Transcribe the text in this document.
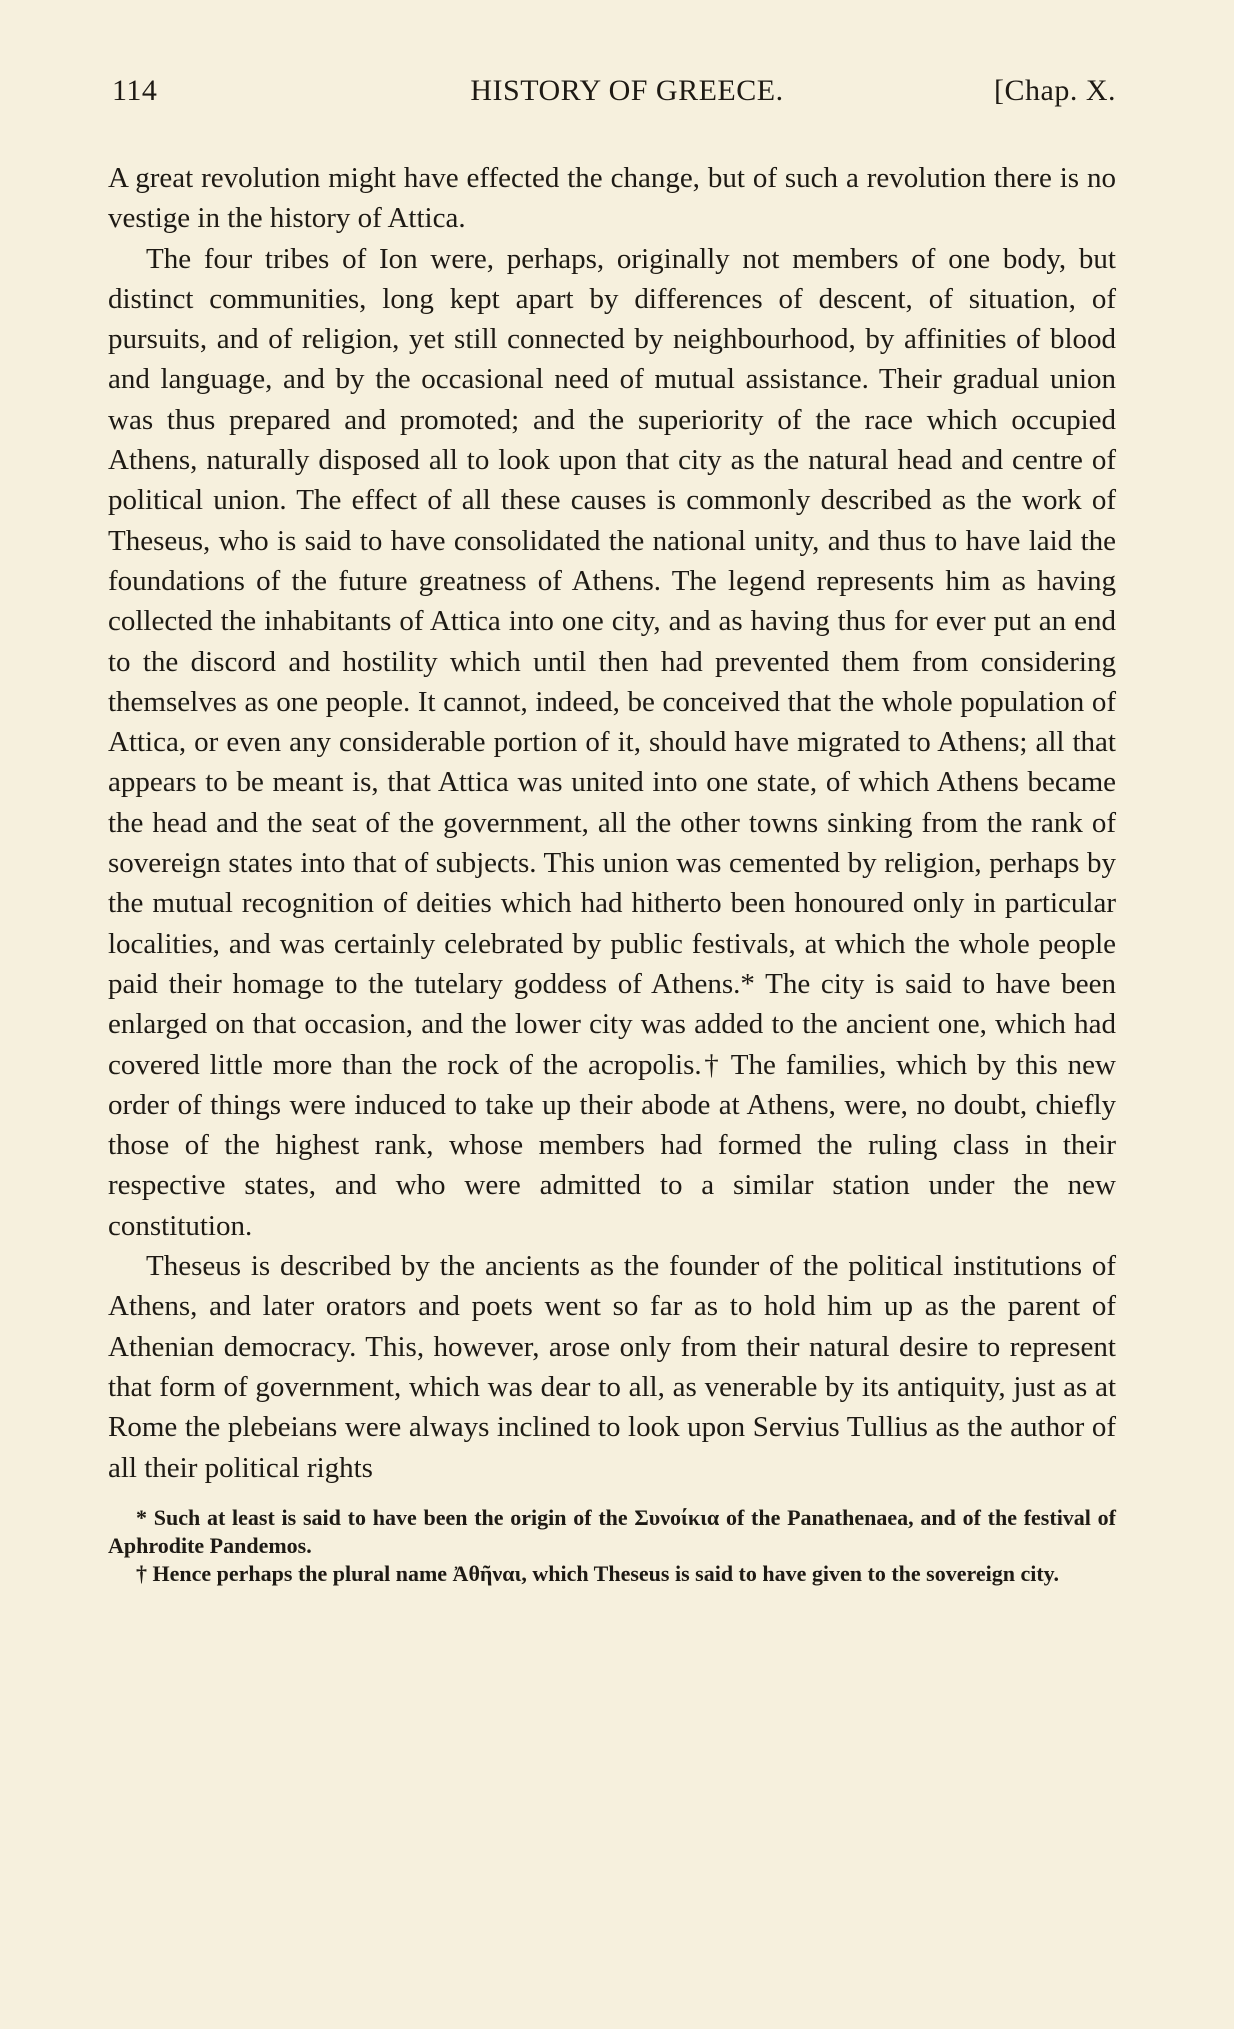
114	HISTORY OF GREECE.	[Chap. X.

A great revolution might have effected the change, but of such a revolution there is no vestige in the history of Attica.

The four tribes of Ion were, perhaps, originally not members of one body, but distinct communities, long kept apart by differences of descent, of situation, of pursuits, and of religion, yet still connected by neighbourhood, by affinities of blood and language, and by the occasional need of mutual assistance. Their gradual union was thus prepared and promoted; and the superiority of the race which occupied Athens, naturally disposed all to look upon that city as the natural head and centre of political union. The effect of all these causes is commonly described as the work of Theseus, who is said to have consolidated the national unity, and thus to have laid the foundations of the future greatness of Athens. The legend represents him as having collected the inhabitants of Attica into one city, and as having thus for ever put an end to the discord and hostility which until then had prevented them from considering themselves as one people. It cannot, indeed, be conceived that the whole population of Attica, or even any considerable portion of it, should have migrated to Athens; all that appears to be meant is, that Attica was united into one state, of which Athens became the head and the seat of the government, all the other towns sinking from the rank of sovereign states into that of subjects. This union was cemented by religion, perhaps by the mutual recognition of deities which had hitherto been honoured only in particular localities, and was certainly celebrated by public festivals, at which the whole people paid their homage to the tutelary goddess of Athens.* The city is said to have been enlarged on that occasion, and the lower city was added to the ancient one, which had covered little more than the rock of the acropolis.† The families, which by this new order of things were induced to take up their abode at Athens, were, no doubt, chiefly those of the highest rank, whose members had formed the ruling class in their respective states, and who were admitted to a similar station under the new constitution.

Theseus is described by the ancients as the founder of the political institutions of Athens, and later orators and poets went so far as to hold him up as the parent of Athenian democracy. This, however, arose only from their natural desire to represent that form of government, which was dear to all, as venerable by its antiquity, just as at Rome the plebeians were always inclined to look upon Servius Tullius as the author of all their political rights

* Such at least is said to have been the origin of the Συνοίκια of the Panathenaea, and of the festival of Aphrodite Pandemos.

† Hence perhaps the plural name Ἀθῆναι, which Theseus is said to have given to the sovereign city.
